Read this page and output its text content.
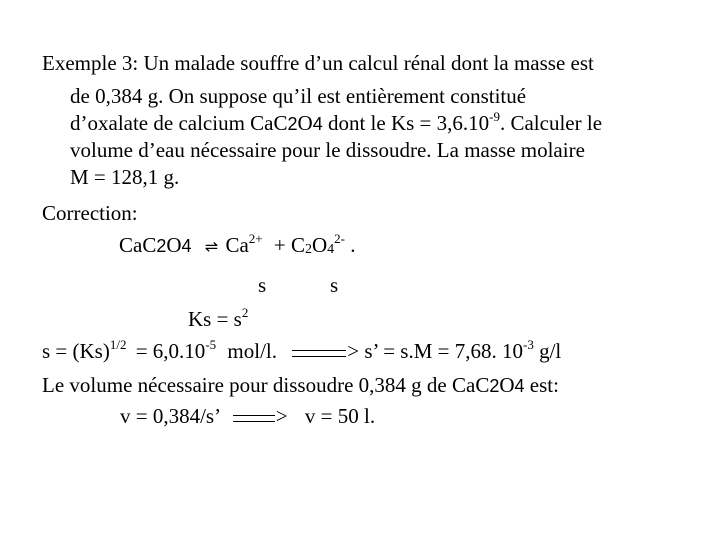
Exemple 3: Un malade souffre d’un calcul rénal dont la masse est
de 0,384 g. On suppose qu’il est entièrement constitué
d’oxalate de calcium CaC2O4 dont le $Ks = 3,6.10^{-9}$. Calculer le
volume d’eau nécessaire pour le dissoudre. La masse molaire
M = 128,1 g.
Correction:
CaC2O4 ⇌ $Ca^{2+} + C2O4^{2-}$ .
s	s
$Ks = s^2$
$s = (Ks)^{1/2} = 6,0.10^{-5}$ mol/l.	> s’ = s.M = 7,68. $10^{-3}$ g/l
Le volume nécessaire pour dissoudre 0,384 g de CaC2O4 est:
v = 0,384/s’	> v = 50 l.
